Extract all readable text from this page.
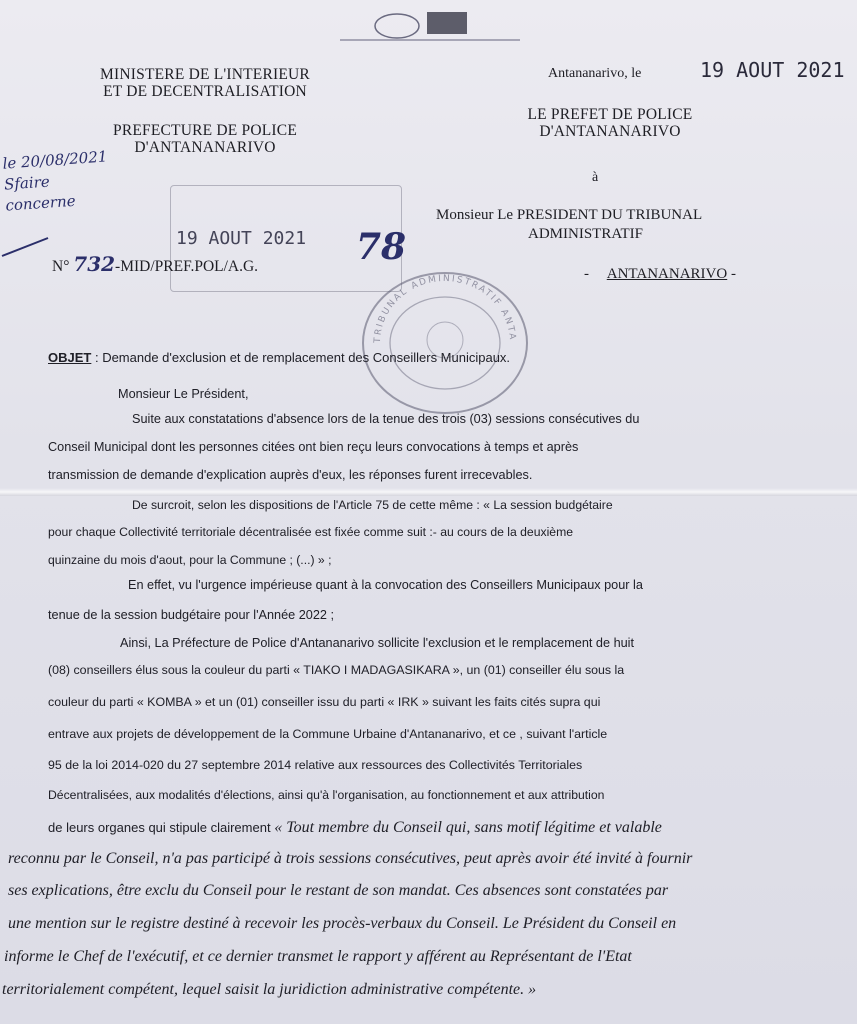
MINISTERE DE L'INTERIEUR
ET DE DECENTRALISATION
PREFECTURE DE POLICE
D'ANTANANARIVO
Antananarivo, le	19 AOUT 2021
LE PREFET DE POLICE
D'ANTANANARIVO
à
Monsieur Le PRESIDENT DU TRIBUNAL
ADMINISTRATIF
- ANTANANARIVO -
le 20/08/2021
Sfaire
concerne
19 AOUT 2021 78
N° 732-MID/PREF.POL/A.G.
TRIBUNAL ADMINISTRATIF ANTA
OBJET : Demande d'exclusion et de remplacement des Conseillers Municipaux.
Monsieur Le Président,
Suite aux constatations d'absence lors de la tenue des trois (03) sessions consécutives du
Conseil Municipal dont les personnes citées ont bien reçu leurs convocations à temps et après
transmission de demande d'explication auprès d'eux, les réponses furent irrecevables.
De surcroit, selon les dispositions de l'Article 75 de cette même : « La session budgétaire
pour chaque Collectivité territoriale décentralisée est fixée comme suit :- au cours de la deuxième
quinzaine du mois d'aout, pour la Commune ; (...) » ;
En effet, vu l'urgence impérieuse quant à la convocation des Conseillers Municipaux pour la
tenue de la session budgétaire pour l'Année 2022 ;
Ainsi, La Préfecture de Police d'Antananarivo sollicite l'exclusion et le remplacement de huit
(08) conseillers élus sous la couleur du parti « TIAKO I MADAGASIKARA », un (01) conseiller élu sous la
couleur du parti « KOMBA » et un (01) conseiller issu du parti « IRK » suivant les faits cités supra qui
entrave aux projets de développement de la Commune Urbaine d'Antananarivo, et ce , suivant l'article
95 de la loi 2014-020 du 27 septembre 2014 relative aux ressources des Collectivités Territoriales
Décentralisées, aux modalités d'élections, ainsi qu'à l'organisation, au fonctionnement et aux attribution
de leurs organes qui stipule clairement « Tout membre du Conseil qui, sans motif légitime et valable
reconnu par le Conseil, n'a pas participé à trois sessions consécutives, peut après avoir été invité à fournir
ses explications, être exclu du Conseil pour le restant de son mandat. Ces absences sont constatées par
une mention sur le registre destiné à recevoir les procès-verbaux du Conseil. Le Président du Conseil en
informe le Chef de l'exécutif, et ce dernier transmet le rapport y afférent au Représentant de l'Etat
territorialement compétent, lequel saisit la juridiction administrative compétente. »
